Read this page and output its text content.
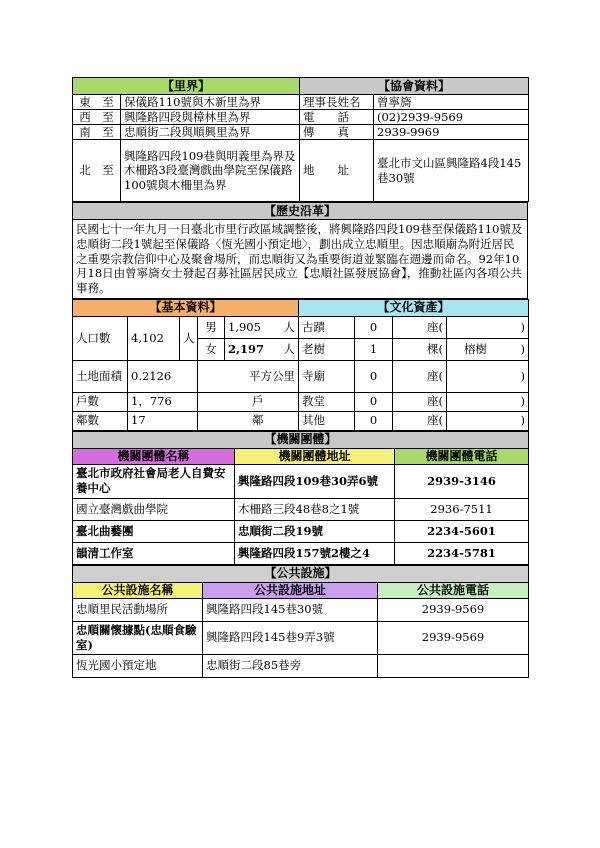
【里界】		【協會資料】	
東　至	保儀路110號與木新里為界	理事長姓名	曾寧旖
西　至	興隆路四段與樟林里為界	電　　話	(02)2939-9569
南　至	忠順街二段與順興里為界	傳　　真	2939-9969
北　至	興隆路四段109巷與明義里為界及木柵路3段臺灣戲曲學院至保儀路100號與木柵里為界	地　　址	臺北市文山區興隆路4段145巷30號
【歷史沿革】
民國七十一年九月一日臺北市里行政區域調整後，將興隆路四段109巷至保儀路110號及忠順街二段1號起至保儀路〈恆光國小預定地〉，劃出成立忠順里。因忠順廟為附近居民之重要宗教信仰中心及聚會場所，而忠順街又為重要街道並緊臨在週邊而命名。92年10月18日由曾寧旖女士發起召募社區居民成立【忠順社區發展協會】，推動社區內各項公共事務。
【基本資料】					【文化資產】			
人口數	4,102	人	男	1,905 人	古蹟	0	座(	)

			女	2,197 人	老樹	1	棵(	榕樹 )

土地面積	0.2126		平方公里		寺廟	0	座(	)

戶數	1，776		戶		教堂	0	座(	)

鄰數	17		鄰		其他	0	座(	)
【機關團體】		
機關團體名稱	機關團體地址	機關團體電話
臺北市政府社會局老人自費安養中心	興隆路四段109巷30弄6號	2939-3146
國立臺灣戲曲學院	木柵路三段48巷8之1號	2936-7511
臺北曲藝團	忠順街二段19號	2234-5601
韻清工作室	興隆路四段157號2樓之4	2234-5781
【公共設施】		
公共設施名稱	公共設施地址	公共設施電話
忠順里民活動場所	興隆路四段145巷30號	2939-9569
忠順關懷據點(忠順食驗室)	興隆路四段145巷9弄3號	2939-9569
恆光國小預定地	忠順街二段85巷旁	
